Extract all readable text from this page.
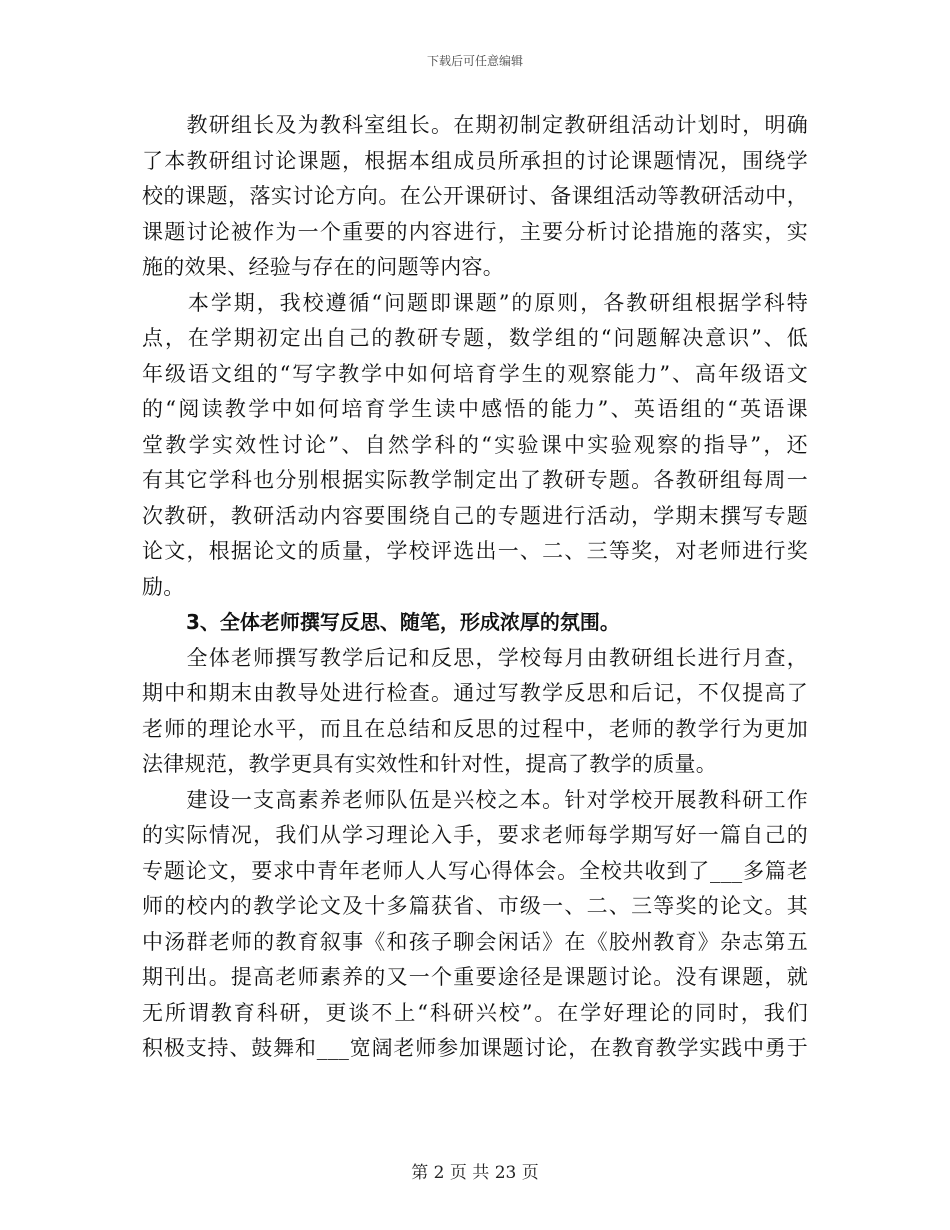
下载后可任意编辑
　　教研组长及为教科室组长。在期初制定教研组活动计划时，明确
了本教研组讨论课题，根据本组成员所承担的讨论课题情况，围绕学
校的课题，落实讨论方向。在公开课研讨、备课组活动等教研活动中，
课题讨论被作为一个重要的内容进行，主要分析讨论措施的落实，实
施的效果、经验与存在的问题等内容。
　　本学期，我校遵循“问题即课题”的原则，各教研组根据学科特
点，在学期初定出自己的教研专题，数学组的“问题解决意识”、低
年级语文组的“写字教学中如何培育学生的观察能力”、高年级语文
的“阅读教学中如何培育学生读中感悟的能力”、英语组的“英语课
堂教学实效性讨论”、自然学科的“实验课中实验观察的指导”，还
有其它学科也分别根据实际教学制定出了教研专题。各教研组每周一
次教研，教研活动内容要围绕自己的专题进行活动，学期末撰写专题
论文，根据论文的质量，学校评选出一、二、三等奖，对老师进行奖
励。
3、全体老师撰写反思、随笔，形成浓厚的氛围。
　　全体老师撰写教学后记和反思，学校每月由教研组长进行月查，
期中和期末由教导处进行检查。通过写教学反思和后记，不仅提高了
老师的理论水平，而且在总结和反思的过程中，老师的教学行为更加
法律规范，教学更具有实效性和针对性，提高了教学的质量。
　　建设一支高素养老师队伍是兴校之本。针对学校开展教科研工作
的实际情况，我们从学习理论入手，要求老师每学期写好一篇自己的
专题论文，要求中青年老师人人写心得体会。全校共收到了___多篇老
师的校内的教学论文及十多篇获省、市级一、二、三等奖的论文。其
中汤群老师的教育叙事《和孩子聊会闲话》在《胶州教育》杂志第五
期刊出。提高老师素养的又一个重要途径是课题讨论。没有课题，就
无所谓教育科研，更谈不上“科研兴校”。在学好理论的同时，我们
积极支持、鼓舞和___宽阔老师参加课题讨论，在教育教学实践中勇于
第 2 页 共 23 页
